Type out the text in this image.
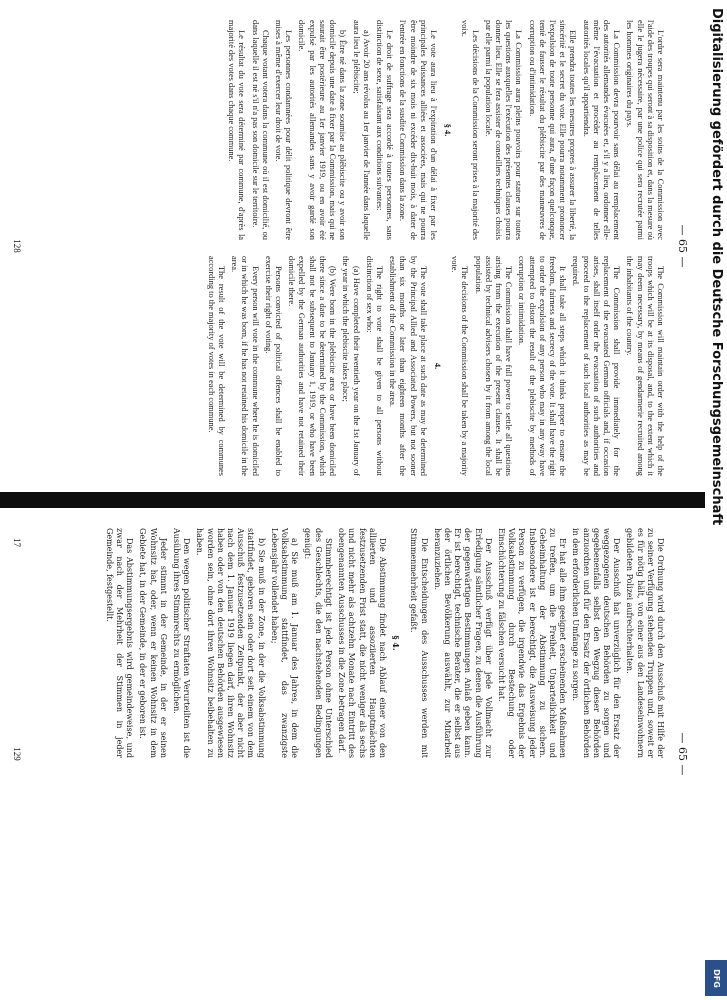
— 65 —

L'ordre sera maintenu par les soins de la Commission avec l'aide des troupes qui seront à sa disposition et, dans la mesure où elle le jugera nécessaire, par une police qui sera recrutée parmi les hommes originaires du pays.

La Commission devra pourvoir sans délai au remplacement des autorités allemandes évacuées et, s'il y a lieu, ordonner elle-même l'évacuation et procéder au remplacement de telles autorités locales qu'il appartiendra.

Elle prendra toutes les mesures propres à assurer la liberté, la sincérité et le secret du vote. Elle pourra notamment prononcer l'expulsion de toute personne qui aura, d'une façon quelconque, tenté de fausser le résultat du plébiscite par des manœuvres de corruption ou d'intimidation.

La Commission aura pleins pouvoirs pour statuer sur toutes les questions auxquelles l'exécution des présentes clauses pourra donner lieu. Elle se fera assister de conseillers techniques choisis par elle parmi la population locale.

Les décisions de la Commission seront prises à la majorité des voix.

§ 4.

Le vote aura lieu à l'expiration d'un délai à fixer par les principales Puissances alliées et associées, mais qui ne pourra être moindre de six mois ni excéder dix-huit mois, à dater de l'entrée en fonctions de la susdite Commission dans la zone.

Le droit de suffrage sera accordé à toutes personnes, sans distinction de sexe, satisfaisant aux conditions suivantes:

a) Avoir 20 ans révolus au 1er janvier de l'année dans laquelle aura lieu le plébiscite;

b) Être né dans la zone soumise au plébiscite ou y avoir son domicile depuis une date à fixer par la Commission, mais qui ne saurait être postérieure au 1er janvier 1919, ou en avoir été expulsé par les autorités allemandes sans y avoir gardé son domicile.

Les personnes condamnées pour délit politique devront être mises à même d'exercer leur droit de vote.

Chaque votant votera dans la commune où il est domicilié, ou dans laquelle il est né s'il n'a pas son domicile sur le territoire.

Le résultat du vote sera déterminé par commune, d'après la majorité des votes dans chaque commune.

The Commission will maintain order with the help of the troops which will be at its disposal, and, to the extent which it may deem necessary, by means of gendarmerie recruited among the inhabitants of the country.

The Commission shall provide immediately for the replacement of the evacuated German officials and, if occasion arises, shall itself order the evacuation of such authorities and proceed to the replacement of such local authorities as may be required.

It shall take all steps which it thinks proper to ensure the freedom, fairness and secrecy of the vote. It shall have the right to order the expulsion of any person who may in any way have attempted to distort the result of the plebiscite by methods of corruption or intimidation.

The Commission shall have full power to settle all questions arising from the execution of the present clauses. It shall be assisted by technical advisers chosen by it from among the local population.

The decisions of the Commission shall be taken by a majority vote.

4.

The vote shall take place at such date as may be determined by the Principal Allied and Associated Powers, but not sooner than six months or later than eighteen months after the establishment of the Commission in the area.

The right to vote shall be given to all persons without distinction of sex who:

(a) Have completed their twentieth year on the 1st January of the year in which the plebiscite takes place;

(b) Were born in the plebiscite area or have been domiciled there since a date to be determined by the Commission, which shall not be subsequent to January 1, 1919, or who have been expelled by the German authorities and have not retained their domicile there.

Persons convicted of political offences shall be enabled to exercise their right of voting.

Every person will vote in the commune where he is domiciled or in which he was born, if he has not retained his domicile in the area.

The result of the vote will be determined by communes according to the majority of votes in each commune.

128
— 65 —

Die Ordnung wird durch den Ausschuß mit Hilfe der zu seiner Verfügung stehenden Truppen und, soweit er es für nötig hält, von einer aus den Landeseinwohnern gebildeten Polizei aufrechterhalten.

Der Ausschuß hat unverzüglich für den Ersatz der weggezogenen deutschen Behörden zu sorgen und gegebenenfalls selbst den Wegzug dieser Behörden anzuordnen und für den Ersatz der örtlichen Behörden in dem erforderlichen Umfange zu sorgen.

Er hat alle ihm geeignet erscheinenden Maßnahmen zu treffen, um die Freiheit, Unparteilichkeit und Geheimhaltung der Abstimmung zu sichern. Insbesondere ist er berechtigt, die Ausweisung jeder Person zu verfügen, die irgendwie das Ergebnis der Volksabstimmung durch Bestechung oder Einschüchterung zu fälschen versucht hat.

Der Ausschuß verfügt über jede Vollmacht zur Erledigung sämtlicher Fragen, zu denen die Ausführung der gegenwärtigen Bestimmungen Anlaß geben kann. Er ist berechtigt, technische Berater, die er selbst aus der örtlichen Bevölkerung auswählt, zur Mitarbeit heranzuziehen.

Die Entscheidungen des Ausschusses werden mit Stimmenmehrheit gefaßt.

§ 4.

Die Abstimmung findet nach Ablauf einer von den alliierten und assoziierten Hauptmächten festzusetzenden Frist statt, die nicht weniger als sechs und nicht mehr als achtzehn Monate nach Eintritt des obengenannten Ausschusses in die Zone betragen darf.

Stimmberechtigt ist jede Person ohne Unterschied des Geschlechts, die den nachstehenden Bedingungen genügt:

a) Sie muß am 1. Januar des Jahres, in dem die Volksabstimmung stattfindet, das zwanzigste Lebensjahr vollendet haben;

b) Sie muß in der Zone, in der die Volksabstimmung stattfindet, geboren sein oder dort seit einem von dem Ausschuß festzusetzenden Zeitpunkt, der aber nicht nach dem 1. Januar 1919 liegen darf, ihren Wohnsitz haben oder von den deutschen Behörden ausgewiesen worden sein, ohne dort ihren Wohnsitz beibehalten zu haben.

Den wegen politischer Straftaten Verurteilten ist die Ausübung ihres Stimmrechts zu ermöglichen.

Jeder stimmt in der Gemeinde, in der er seinen Wohnsitz hat, oder, wenn er keinen Wohnsitz in dem Gebiete hat, in der Gemeinde, in der er geboren ist.

Das Abstimmungsergebnis wird gemeindeweise, und zwar nach der Mehrheit der Stimmen in jeder Gemeinde, festgestellt.

129
17
Digitalisierung gefördert durch die Deutsche Forschungsgemeinschaft
DFG
